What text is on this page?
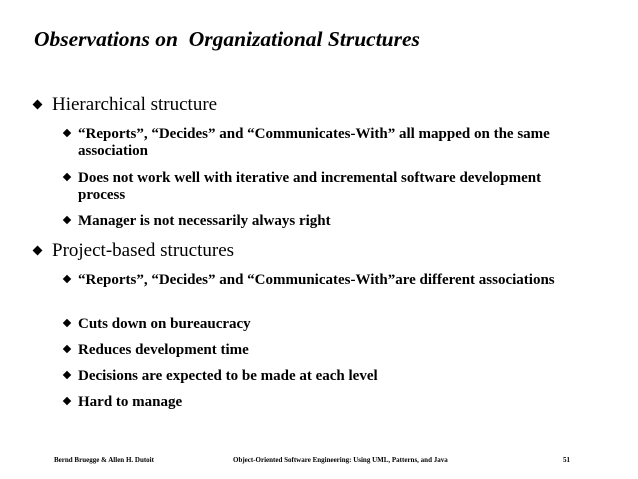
Observations on  Organizational Structures
Hierarchical structure
“Reports”, “Decides” and “Communicates-With” all mapped on the same association
Does not work well with iterative and incremental software development process
Manager is not necessarily always right
Project-based structures
“Reports”, “Decides” and “Communicates-With”are different associations
Cuts down on bureaucracy
Reduces development time
Decisions are expected to be made at each level
Hard to manage
Bernd Bruegge & Allen H. Dutoit	Object-Oriented Software Engineering: Using UML, Patterns, and Java	51
